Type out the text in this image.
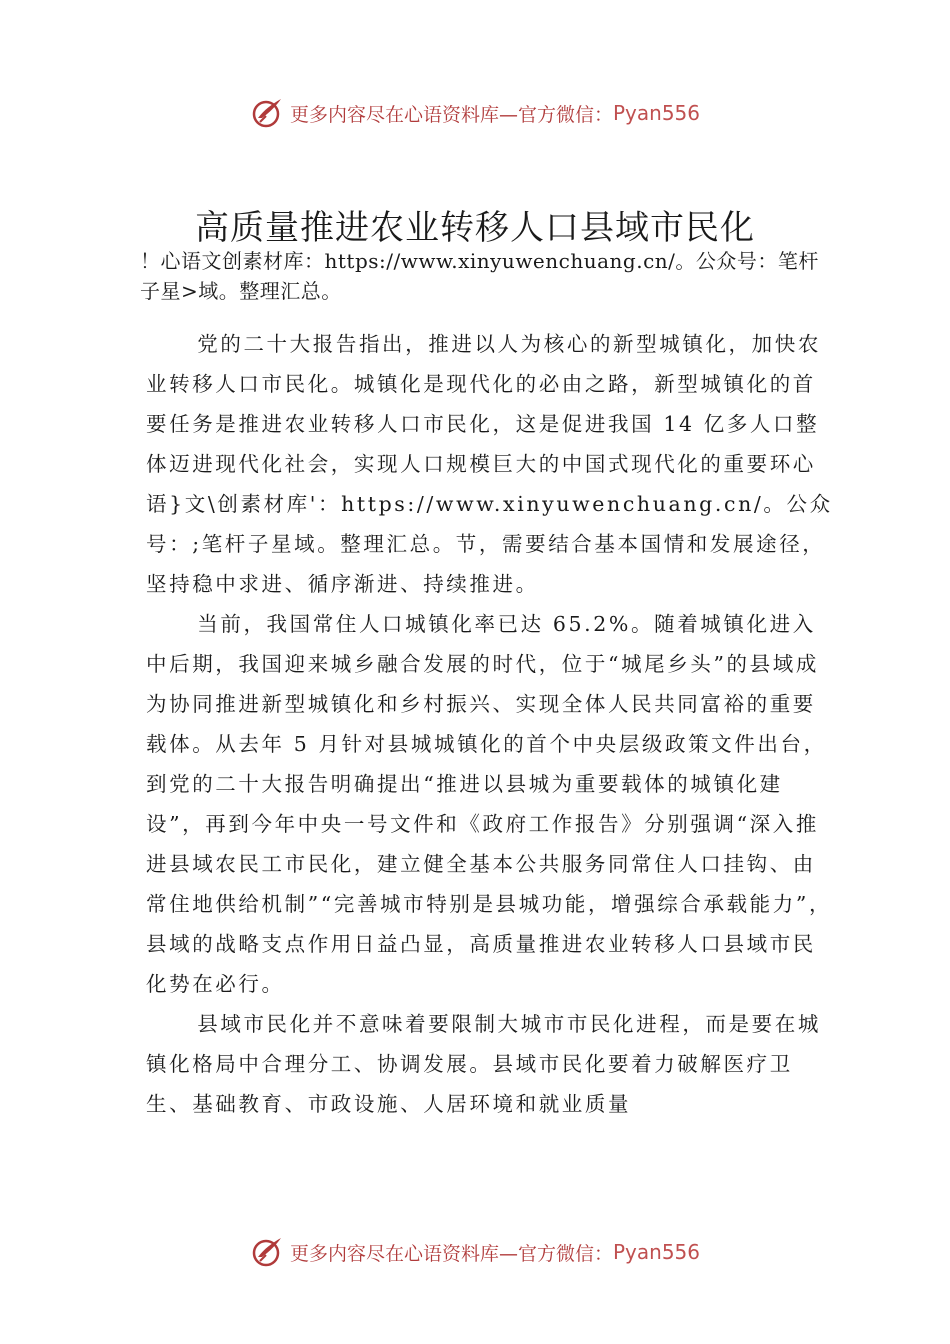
更多内容尽在心语资料库—官方微信： Pyan556
高质量推进农业转移人口县域市民化

！心语文创素材库：https://www.xinyuwenchuang.cn/。公众号：笔杆子星>域。整理汇总。

党的二十大报告指出，推进以人为核心的新型城镇化，加快农业转移人口市民化。城镇化是现代化的必由之路，新型城镇化的首要任务是推进农业转移人口市民化，这是促进我国 14 亿多人口整体迈进现代化社会，实现人口规模巨大的中国式现代化的重要环心语}文\创素材库'：https://www.xinyuwenchuang.cn/。公众号：;笔杆子星域。整理汇总。节，需要结合基本国情和发展途径，坚持稳中求进、循序渐进、持续推进。

当前，我国常住人口城镇化率已达 65.2%。随着城镇化进入中后期，我国迎来城乡融合发展的时代，位于“城尾乡头”的县域成为协同推进新型城镇化和乡村振兴、实现全体人民共同富裕的重要载体。从去年 5 月针对县城城镇化的首个中央层级政策文件出台，到党的二十大报告明确提出“推进以县城为重要载体的城镇化建设”，再到今年中央一号文件和《政府工作报告》分别强调“深入推进县域农民工市民化，建立健全基本公共服务同常住人口挂钩、由常住地供给机制”“完善城市特别是县城功能，增强综合承载能力”，县域的战略支点作用日益凸显，高质量推进农业转移人口县域市民化势在必行。

县域市民化并不意味着要限制大城市市民化进程，而是要在城镇化格局中合理分工、协调发展。县域市民化要着力破解医疗卫生、基础教育、市政设施、人居环境和就业质量

更多内容尽在心语资料库—官方微信： Pyan556
